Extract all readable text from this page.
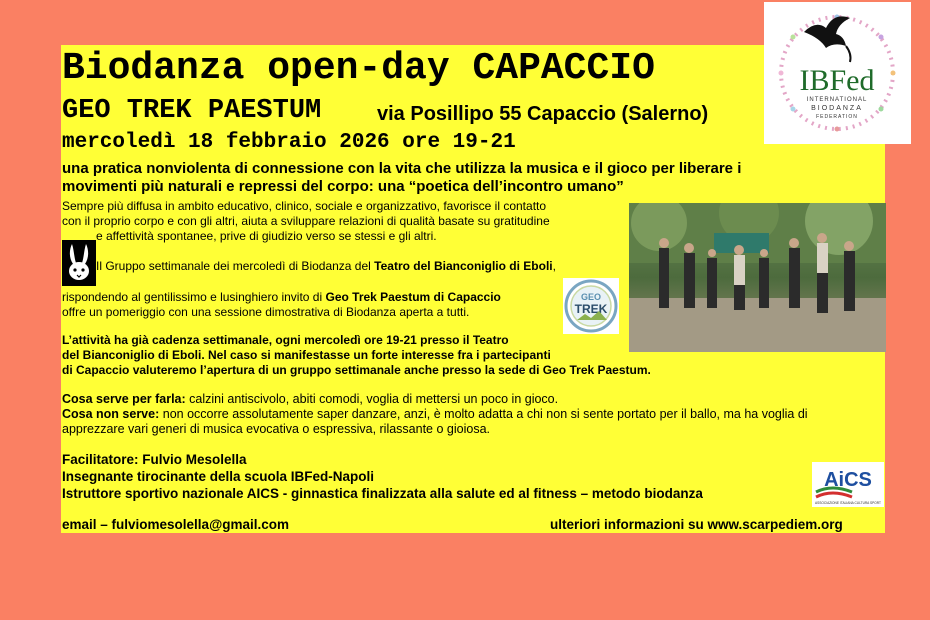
Biodanza open-day CAPACCIO
GEO TREK PAESTUM	via Posillipo 55 Capaccio (Salerno)
mercoledì 18 febbraio 2026 ore 19-21
una pratica nonviolenta di connessione con la vita che utilizza la musica e il gioco per liberare i
movimenti più naturali e repressi del corpo: una “poetica dell’incontro umano”
Sempre più diffusa in ambito educativo, clinico, sociale e organizzativo, favorisce il contatto
con il proprio corpo e con gli altri, aiuta a sviluppare relazioni di qualità basate su gratitudine
e affettività spontanee, prive di giudizio verso se stessi e gli altri.
Il Gruppo settimanale dei mercoledì di Biodanza del Teatro del Bianconiglio di Eboli,
rispondendo al gentilissimo e lusinghiero invito di Geo Trek Paestum di Capaccio
offre un pomeriggio con una sessione dimostrativa di Biodanza aperta a tutti.
GEO
TREK
L’attività ha già cadenza settimanale, ogni mercoledì ore 19-21 presso il Teatro
del Bianconiglio di Eboli. Nel caso si manifestasse un forte interesse fra i partecipanti
di Capaccio valuteremo l’apertura di un gruppo settimanale anche presso la sede di Geo Trek Paestum.
Cosa serve per farla: calzini antiscivolo, abiti comodi, voglia di mettersi un poco in gioco.
Cosa non serve: non occorre assolutamente saper danzare, anzi, è molto adatta a chi non si sente portato per il ballo, ma ha voglia di
apprezzare vari generi di musica evocativa o espressiva, rilassante o gioiosa.
Facilitatore: Fulvio Mesolella
Insegnante tirocinante della scuola IBFed-Napoli
Istruttore sportivo nazionale AICS - ginnastica finalizzata alla salute ed al fitness – metodo biodanza
email – fulviomesolella@gmail.com	ulteriori informazioni su www.scarpediem.org
AiCS
ASSOCIAZIONE ITALIANA CULTURA SPORT
IBFed
INTERNATIONAL
BIODANZA
FEDERATION
